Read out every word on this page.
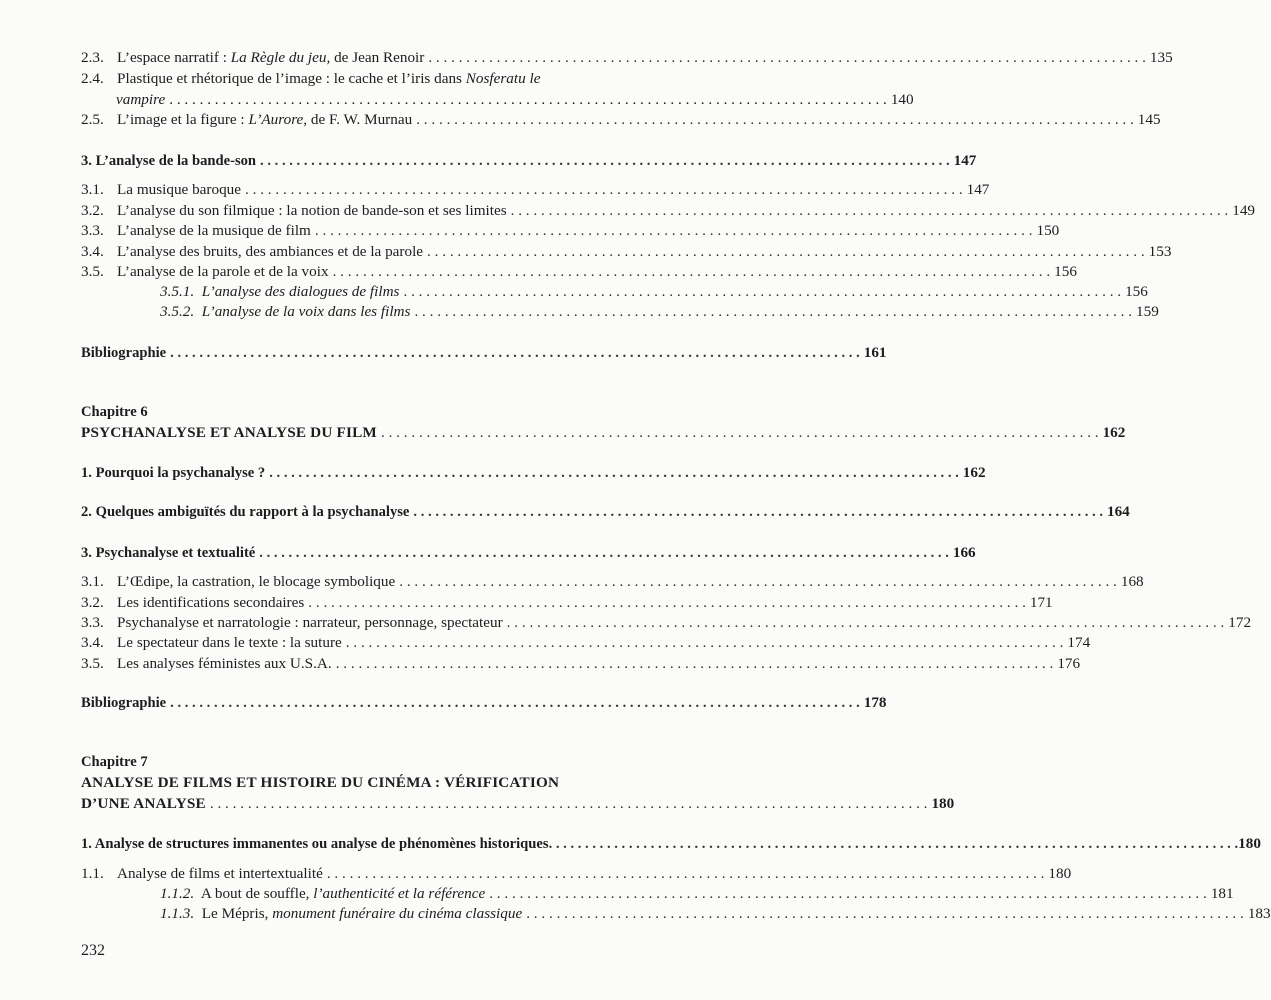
2.3. L’espace narratif : La Règle du jeu, de Jean Renoir . . .	135
2.4. Plastique et rhétorique de l’image : le cache et l’iris dans Nosferatu le
vampire . . .	140
2.5. L’image et la figure : L’Aurore, de F. W. Murnau . . .	145
3. L’analyse de la bande-son . . .	147
3.1. La musique baroque . . .	147
3.2. L’analyse du son filmique : la notion de bande-son et ses limites . . .	149
3.3. L’analyse de la musique de film . . .	150
3.4. L’analyse des bruits, des ambiances et de la parole . . .	153
3.5. L’analyse de la parole et de la voix . . .	156
3.5.1.  L’analyse des dialogues de films . . .	156
3.5.2.  L’analyse de la voix dans les films . . .	159
Bibliographie . . .	161
Chapitre 6
PSYCHANALYSE ET ANALYSE DU FILM . . .	162
1. Pourquoi la psychanalyse ? . . .	162
2. Quelques ambiguïtés du rapport à la psychanalyse . . .	164
3. Psychanalyse et textualité . . .	166
3.1. L’Œdipe, la castration, le blocage symbolique . . .	168
3.2. Les identifications secondaires . . .	171
3.3. Psychanalyse et narratologie : narrateur, personnage, spectateur . . .	172
3.4. Le spectateur dans le texte : la suture . . .	174
3.5. Les analyses féministes aux U.S.A. . . .	176
Bibliographie . . .	178
Chapitre 7
ANALYSE DE FILMS ET HISTOIRE DU CINÉMA : VÉRIFICATION
D’UNE ANALYSE . . .	180
1. Analyse de structures immanentes ou analyse de phénomènes historiques . . .	180
1.1. Analyse de films et intertextualité . . .	180
1.1.2.  A bout de souffle, l’authenticité et la référence . . .	181
1.1.3.  Le Mépris, monument funéraire du cinéma classique . . .	183
232
